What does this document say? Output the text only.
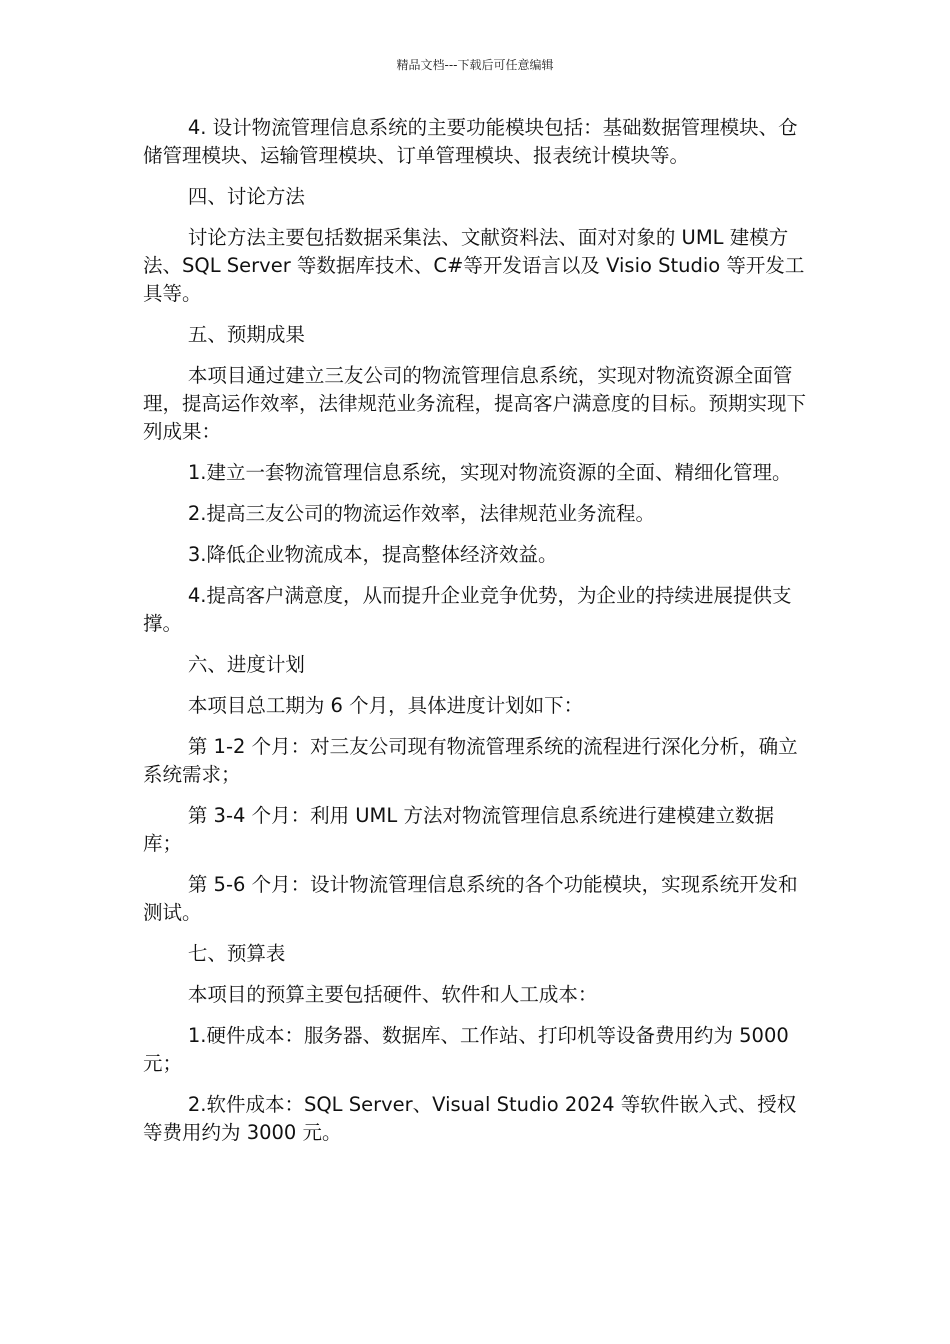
精品文档---下载后可任意编辑

4. 设计物流管理信息系统的主要功能模块包括：基础数据管理模块、仓储管理模块、运输管理模块、订单管理模块、报表统计模块等。

四、讨论方法

讨论方法主要包括数据采集法、文献资料法、面对对象的 UML 建模方法、SQL Server 等数据库技术、C#等开发语言以及 Visio Studio 等开发工具等。

五、预期成果

本项目通过建立三友公司的物流管理信息系统，实现对物流资源全面管理，提高运作效率，法律规范业务流程，提高客户满意度的目标。预期实现下列成果：

1.建立一套物流管理信息系统，实现对物流资源的全面、精细化管理。

2.提高三友公司的物流运作效率，法律规范业务流程。

3.降低企业物流成本，提高整体经济效益。

4.提高客户满意度，从而提升企业竞争优势，为企业的持续进展提供支撑。

六、进度计划

本项目总工期为 6 个月，具体进度计划如下：

第 1-2 个月：对三友公司现有物流管理系统的流程进行深化分析，确立系统需求；

第 3-4 个月：利用 UML 方法对物流管理信息系统进行建模建立数据库；

第 5-6 个月：设计物流管理信息系统的各个功能模块，实现系统开发和测试。

七、预算表

本项目的预算主要包括硬件、软件和人工成本：

1.硬件成本：服务器、数据库、工作站、打印机等设备费用约为 5000 元；

2.软件成本：SQL Server、Visual Studio 2024 等软件嵌入式、授权等费用约为 3000 元。
